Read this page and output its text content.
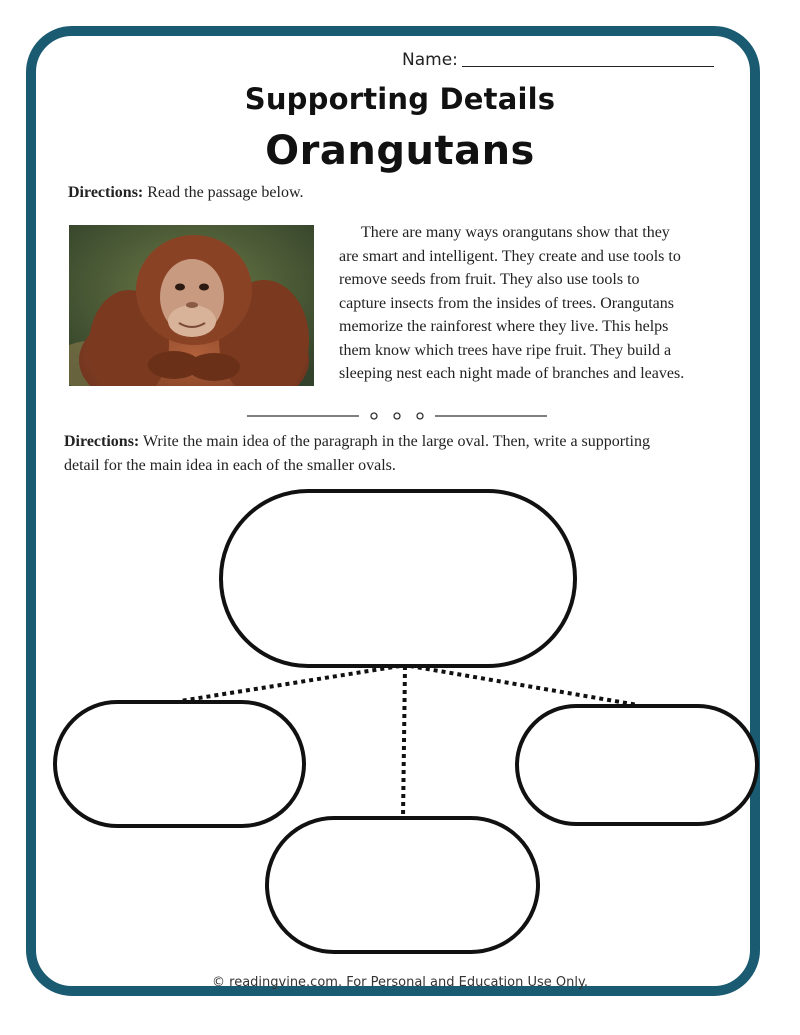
Name:
Supporting Details
Orangutans
Directions: Read the passage below.
There are many ways orangutans show that they
are smart and intelligent. They create and use tools to
remove seeds from fruit. They also use tools to
capture insects from the insides of trees. Orangutans
memorize the rainforest where they live. This helps
them know which trees have ripe fruit. They build a
sleeping nest each night made of branches and leaves.
Directions: Write the main idea of the paragraph in the large oval. Then, write a supporting
detail for the main idea in each of the smaller ovals.
© readingvine.com. For Personal and Education Use Only.
